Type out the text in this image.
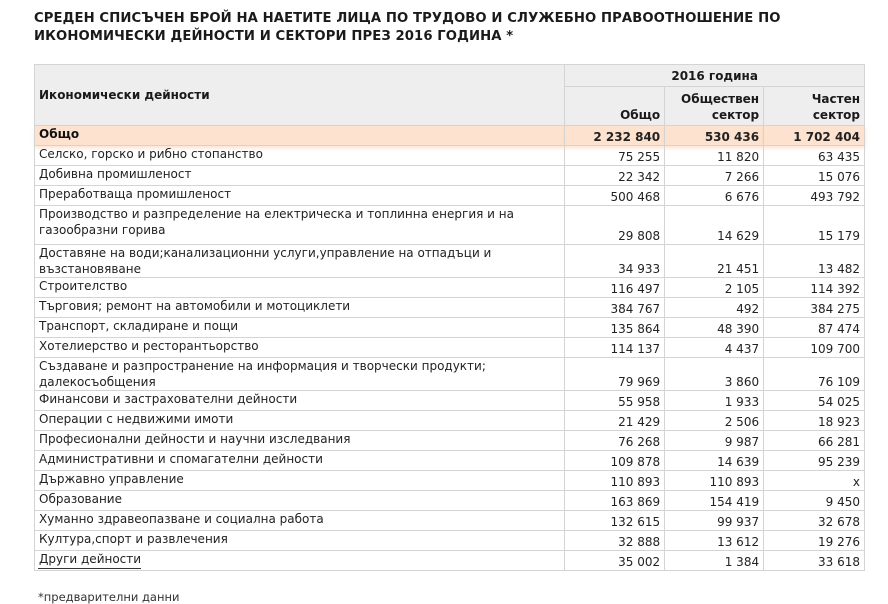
СРЕДЕН СПИСЪЧЕН БРОЙ НА НАЕТИТЕ ЛИЦА ПО ТРУДОВО И СЛУЖЕБНО ПРАВООТНОШЕНИЕ ПО ИКОНОМИЧЕСКИ ДЕЙНОСТИ И СЕКТОРИ ПРЕЗ 2016 ГОДИНА *
Икономически дейности	2016 година		
	Общо	Обществен сектор	Частен сектор
Общо	2 232 840	530 436	1 702 404
Селско, горско и рибно стопанство	75 255	11 820	63 435
Добивна промишленост	22 342	7 266	15 076
Преработваща промишленост	500 468	6 676	493 792
Производство и разпределение на електрическа и топлинна енергия и на газообразни горива	29 808	14 629	15 179
Доставяне на води;канализационни услуги,управление на отпадъци и възстановяване	34 933	21 451	13 482
Строителство	116 497	2 105	114 392
Търговия; ремонт на автомобили и мотоциклети	384 767	492	384 275
Транспорт, складиране и пощи	135 864	48 390	87 474
Хотелиерство и ресторантьорство	114 137	4 437	109 700
Създаване и разпространение на информация и творчески продукти; далекосъобщения	79 969	3 860	76 109
Финансови и застрахователни дейности	55 958	1 933	54 025
Операции с недвижими имоти	21 429	2 506	18 923
Професионални дейности и научни изследвания	76 268	9 987	66 281
Административни и спомагателни дейности	109 878	14 639	95 239
Държавно управление	110 893	110 893	x
Образование	163 869	154 419	9 450
Хуманно здравеопазване и социална работа	132 615	99 937	32 678
Култура,спорт и развлечения	32 888	13 612	19 276
Други дейности	35 002	1 384	33 618
*предварителни данни
